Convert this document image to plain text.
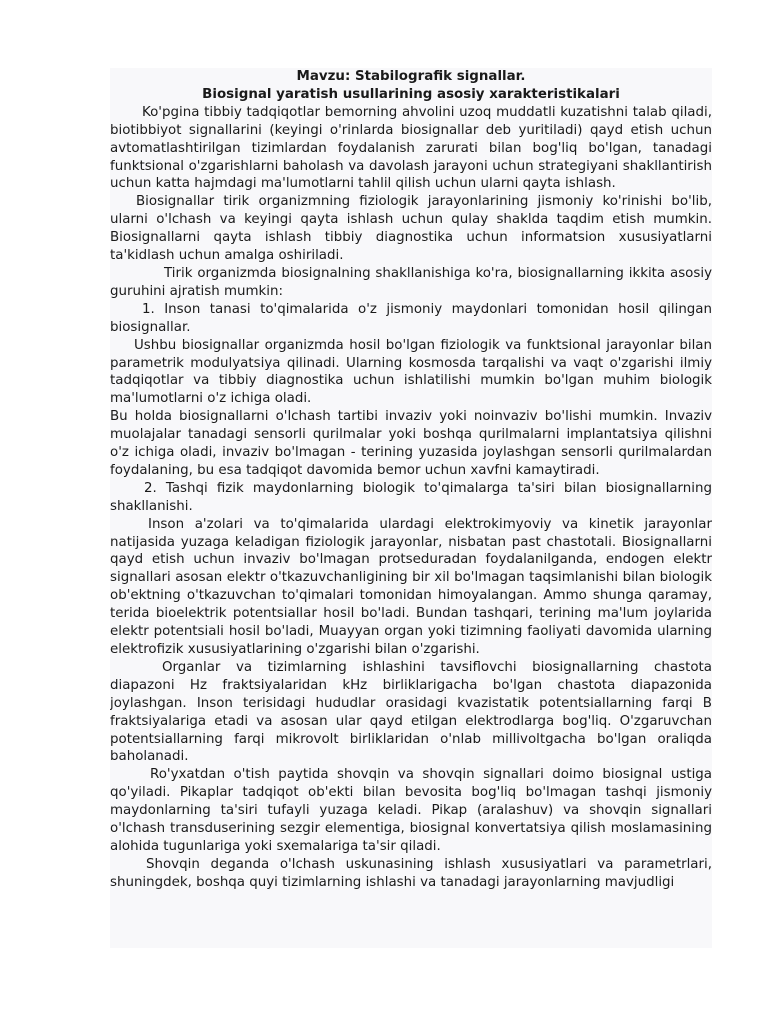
Mavzu: Stabilografik signallar.
Biosignal yaratish usullarining asosiy xarakteristikalari

Ko'pgina tibbiy tadqiqotlar bemorning ahvolini uzoq muddatli kuzatishni talab qiladi, biotibbiyot signallarini (keyingi o'rinlarda biosignallar deb yuritiladi) qayd etish uchun avtomatlashtirilgan tizimlardan foydalanish zarurati bilan bog'liq bo'lgan, tanadagi funktsional o'zgarishlarni baholash va davolash jarayoni uchun strategiyani shakllantirish uchun katta hajmdagi ma'lumotlarni tahlil qilish uchun ularni qayta ishlash.

Biosignallar tirik organizmning fiziologik jarayonlarining jismoniy ko'rinishi bo'lib, ularni o'lchash va keyingi qayta ishlash uchun qulay shaklda taqdim etish mumkin. Biosignallarni qayta ishlash tibbiy diagnostika uchun informatsion xususiyatlarni ta'kidlash uchun amalga oshiriladi.

Tirik organizmda biosignalning shakllanishiga ko'ra, biosignallarning ikkita asosiy guruhini ajratish mumkin:

1. Inson tanasi to'qimalarida o'z jismoniy maydonlari tomonidan hosil qilingan biosignallar.

Ushbu biosignallar organizmda hosil bo'lgan fiziologik va funktsional jarayonlar bilan parametrik modulyatsiya qilinadi. Ularning kosmosda tarqalishi va vaqt o'zgarishi ilmiy tadqiqotlar va tibbiy diagnostika uchun ishlatilishi mumkin bo'lgan muhim biologik ma'lumotlarni o'z ichiga oladi.

Bu holda biosignallarni o'lchash tartibi invaziv yoki noinvaziv bo'lishi mumkin. Invaziv muolajalar tanadagi sensorli qurilmalar yoki boshqa qurilmalarni implantatsiya qilishni o'z ichiga oladi, invaziv bo'lmagan - terining yuzasida joylashgan sensorli qurilmalardan foydalaning, bu esa tadqiqot davomida bemor uchun xavfni kamaytiradi.

2. Tashqi fizik maydonlarning biologik to'qimalarga ta'siri bilan biosignallarning shakllanishi.

Inson a'zolari va to'qimalarida ulardagi elektrokimyoviy va kinetik jarayonlar natijasida yuzaga keladigan fiziologik jarayonlar, nisbatan past chastotali. Biosignallarni qayd etish uchun invaziv bo'lmagan protseduradan foydalanilganda, endogen elektr signallari asosan elektr o'tkazuvchanligining bir xil bo'lmagan taqsimlanishi bilan biologik ob'ektning o'tkazuvchan to'qimalari tomonidan himoyalangan. Ammo shunga qaramay, terida bioelektrik potentsiallar hosil bo'ladi. Bundan tashqari, terining ma'lum joylarida elektr potentsiali hosil bo'ladi, Muayyan organ yoki tizimning faoliyati davomida ularning elektrofizik xususiyatlarining o'zgarishi bilan o'zgarishi.

Organlar va tizimlarning ishlashini tavsiflovchi biosignallarning chastota diapazoni Hz fraktsiyalaridan kHz birliklarigacha bo'lgan chastota diapazonida joylashgan. Inson terisidagi hududlar orasidagi kvazistatik potentsiallarning farqi B fraktsiyalariga etadi va asosan ular qayd etilgan elektrodlarga bog'liq. O'zgaruvchan potentsiallarning farqi mikrovolt birliklaridan o'nlab millivoltgacha bo'lgan oraliqda baholanadi.

Ro'yxatdan o'tish paytida shovqin va shovqin signallari doimo biosignal ustiga qo'yiladi. Pikaplar tadqiqot ob'ekti bilan bevosita bog'liq bo'lmagan tashqi jismoniy maydonlarning ta'siri tufayli yuzaga keladi. Pikap (aralashuv) va shovqin signallari o'lchash transduserining sezgir elementiga, biosignal konvertatsiya qilish moslamasining alohida tugunlariga yoki sxemalariga ta'sir qiladi.

Shovqin deganda o'lchash uskunasining ishlash xususiyatlari va parametrlari, shuningdek, boshqa quyi tizimlarning ishlashi va tanadagi jarayonlarning mavjudligi
